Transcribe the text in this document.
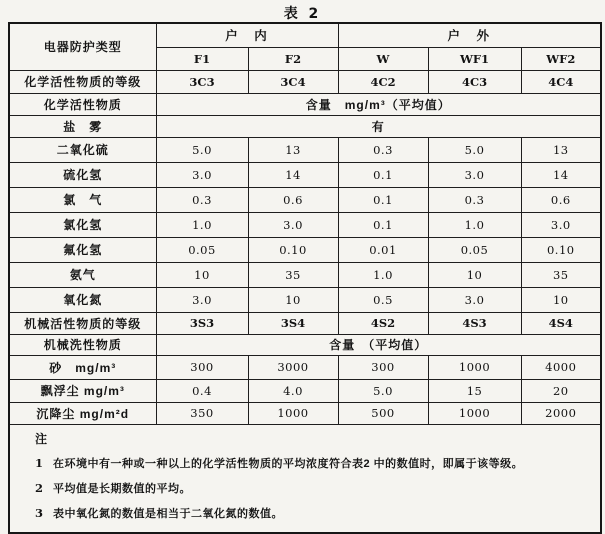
表 2
电器防护类型	户　内		户　外		
	F1	F2	W	WF1	WF2
化学活性物质的等级	3C3	3C4	4C2	4C3	4C4
化学活性物质	含量　mg/m³（平均值）				
盐　雾	有				
二氧化硫	5.0	13	0.3	5.0	13
硫化氢	3.0	14	0.1	3.0	14
氯　气	0.3	0.6	0.1	0.3	0.6
氯化氢	1.0	3.0	0.1	1.0	3.0
氟化氢	0.05	0.10	0.01	0.05	0.10
氨气	10	35	1.0	10	35
氧化氮	3.0	10	0.5	3.0	10
机械活性物质的等级	3S3	3S4	4S2	4S3	4S4
机械洗性物质	含量　（平均值）				
砂　mg/m³	300	3000	300	1000	4000
飘浮尘 mg/m³	0.4	4.0	5.0	15	20
沉降尘 mg/m²d	350	1000	500	1000	2000

注
1 在环境中有一种或一种以上的化学活性物质的平均浓度符合表2 中的数值时，即属于该等级。
2 平均值是长期数值的平均。
3 表中氧化氮的数值是相当于二氧化氮的数值。					
